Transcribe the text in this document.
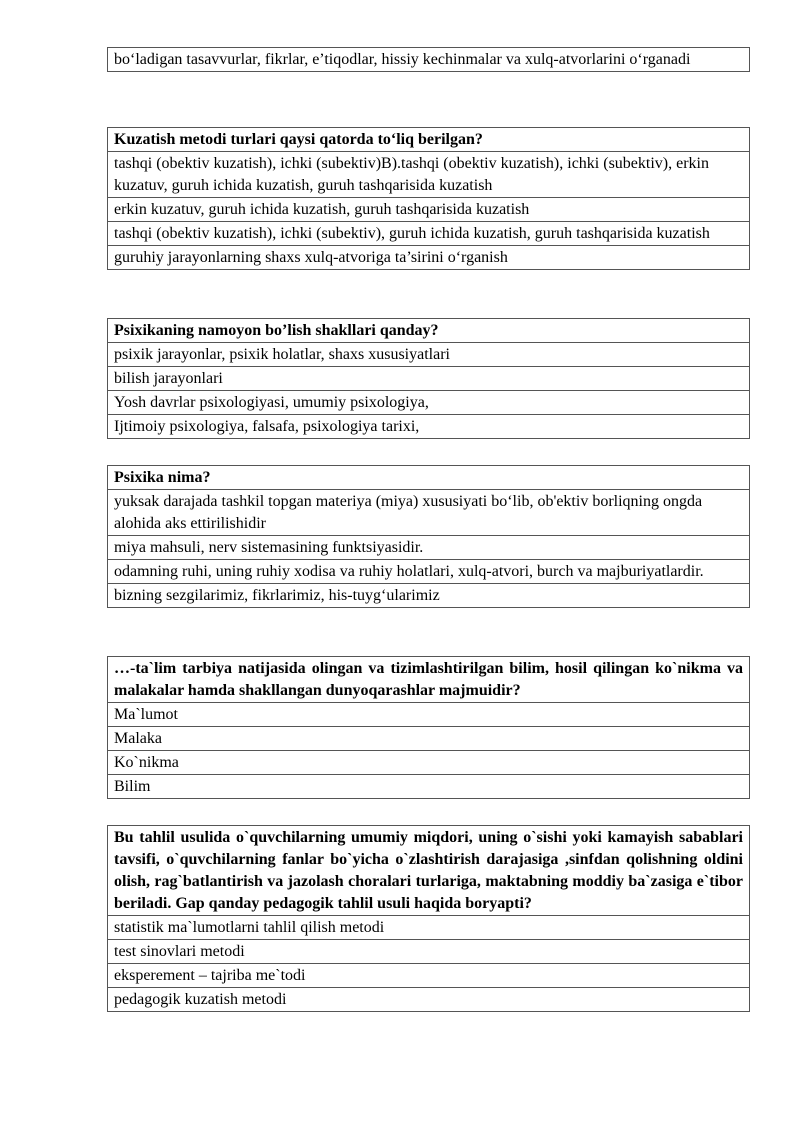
bo‘ladigan tasavvurlar, fikrlar, e’tiqodlar, hissiy kechinmalar va xulq-atvorlarini o‘rganadi
Kuzatish metodi turlari qaysi qatorda to‘liq berilgan?
tashqi (obektiv kuzatish), ichki (subektiv)B).tashqi (obektiv kuzatish), ichki (subektiv), erkin kuzatuv, guruh ichida kuzatish, guruh tashqarisida kuzatish
erkin kuzatuv, guruh ichida kuzatish, guruh tashqarisida kuzatish
tashqi (obektiv kuzatish), ichki (subektiv), guruh ichida kuzatish, guruh tashqarisida kuzatish
guruhiy jarayonlarning shaxs xulq-atvoriga ta’sirini o‘rganish
Psixikaning namoyon bo’lish shakllari qanday?
psixik jarayonlar, psixik holatlar, shaxs xususiyatlari
bilish jarayonlari
Yosh davrlar psixologiyasi, umumiy psixologiya,
Ijtimoiy psixologiya, falsafa, psixologiya tarixi,
Psixika nima?
yuksak darajada tashkil topgan materiya (miya) xususiyati bo‘lib, ob'ektiv borliqning ongda alohida aks ettirilishidir
miya mahsuli, nerv sistemasining funktsiyasidir.
odamning ruhi, uning ruhiy xodisa va ruhiy holatlari, xulq-atvori, burch va majburiyatlardir.
bizning sezgilarimiz, fikrlarimiz, his-tuyg‘ularimiz
…-ta`lim tarbiya natijasida olingan va tizimlashtirilgan bilim, hosil qilingan ko`nikma va malakalar hamda shakllangan dunyoqarashlar majmuidir?
Ma`lumot
Malaka
Ko`nikma
Bilim
Bu tahlil usulida o`quvchilarning umumiy miqdori, uning o`sishi yoki kamayish sabablari tavsifi, o`quvchilarning fanlar bo`yicha o`zlashtirish darajasiga ,sinfdan qolishning oldini olish, rag`batlantirish va jazolash choralari turlariga, maktabning moddiy ba`zasiga e`tibor beriladi. Gap qanday pedagogik tahlil usuli haqida boryapti?
statistik ma`lumotlarni tahlil qilish metodi
test sinovlari metodi
eksperement – tajriba me`todi
pedagogik kuzatish metodi
